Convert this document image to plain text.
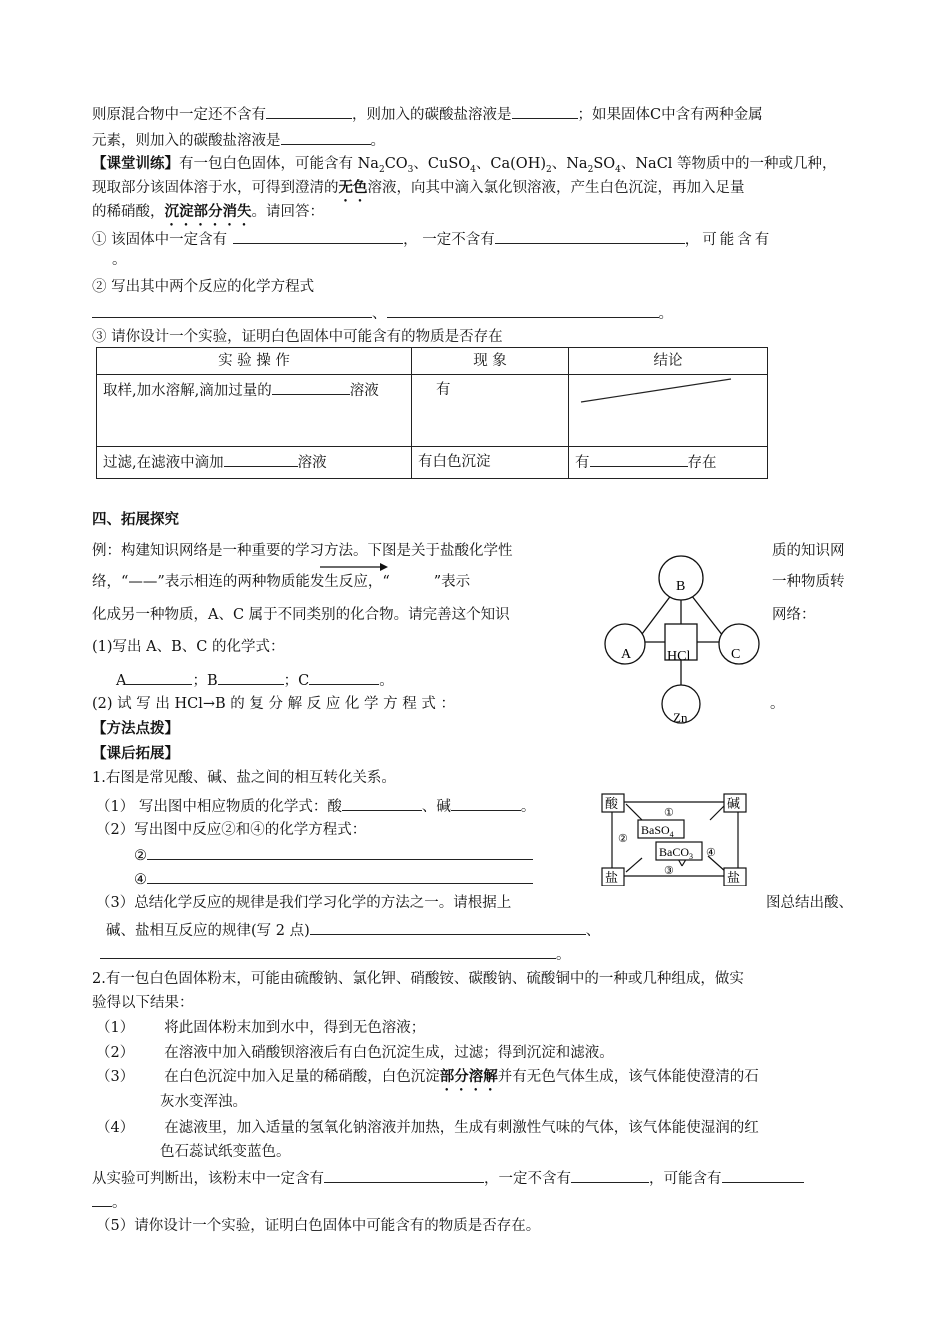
则原混合物中一定还不含有	，则加入的碳酸盐溶液是	；如果固体C中含有两种金属
元素，则加入的碳酸盐溶液是	。
【课堂训练】有一包白色固体，可能含有 $Na_2CO_3$、CuSO$_4$、$Ca(OH)_2$、$Na_2SO_4$、NaCl 等物质中的一种或几种，
现取部分该固体溶于水，可得到澄清的无色溶液，向其中滴入氯化钡溶液，产生白色沉淀，再加入足量
的稀硝酸，沉淀部分消失。请回答：
① 该固体中一定含有	， 一定不含有	，可能含有
。
② 写出其中两个反应的化学方程式
、	。
③ 请你设计一个实验，证明白色固体中可能含有的物质是否存在
实 验 操 作	现 象	结论
取样,加水溶解,滴加过量的 溶液	有	

过滤,在滤液中滴加 溶液	有白色沉淀	有 存在
四、拓展探究
例：构建知识网络是一种重要的学习方法。下图是关于盐酸化学性	质的知识网
络，“——”表示相连的两种物质能发生反应，“	”表示	一种物质转
化成另一种物质，A、C 属于不同类别的化合物。请完善这个知识	网络：
(1)写出 A、B、C 的化学式：
A	；B	；C	。
(2) 试 写 出 HCl→B 的 复 分 解 反 应 化 学 方 程 式 ：	。
【方法点拨】
B
A	C
HCl
Zn
【课后拓展】
1.右图是常见酸、碱、盐之间的相互转化关系。
（1） 写出图中相应物质的化学式：酸	、碱	。
（2）写出图中反应②和④的化学方程式：
②
④
（3）总结化学反应的规律是我们学习化学的方法之一。请根据上	图总结出酸、
碱、盐相互反应的规律(写 2 点)	、
。
酸	碱
盐	盐
BaSO$_4$
BaCO$_3$
①
②
③
④
2.有一包白色固体粉末，可能由硫酸钠、氯化钾、硝酸铵、碳酸钠、硫酸铜中的一种或几种组成，做实
验得以下结果：
（1） 将此固体粉末加到水中，得到无色溶液；
（2） 在溶液中加入硝酸钡溶液后有白色沉淀生成，过滤；得到沉淀和滤液。
（3） 在白色沉淀中加入足量的稀硝酸，白色沉淀部分溶解并有无色气体生成，该气体能使澄清的石
灰水变浑浊。
（4） 在滤液里，加入适量的氢氧化钠溶液并加热，生成有刺激性气味的气体，该气体能使湿润的红
色石蕊试纸变蓝色。
从实验可判断出，该粉末中一定含有	，一定不含有	，可能含有
。
（5）请你设计一个实验，证明白色固体中可能含有的物质是否存在。
